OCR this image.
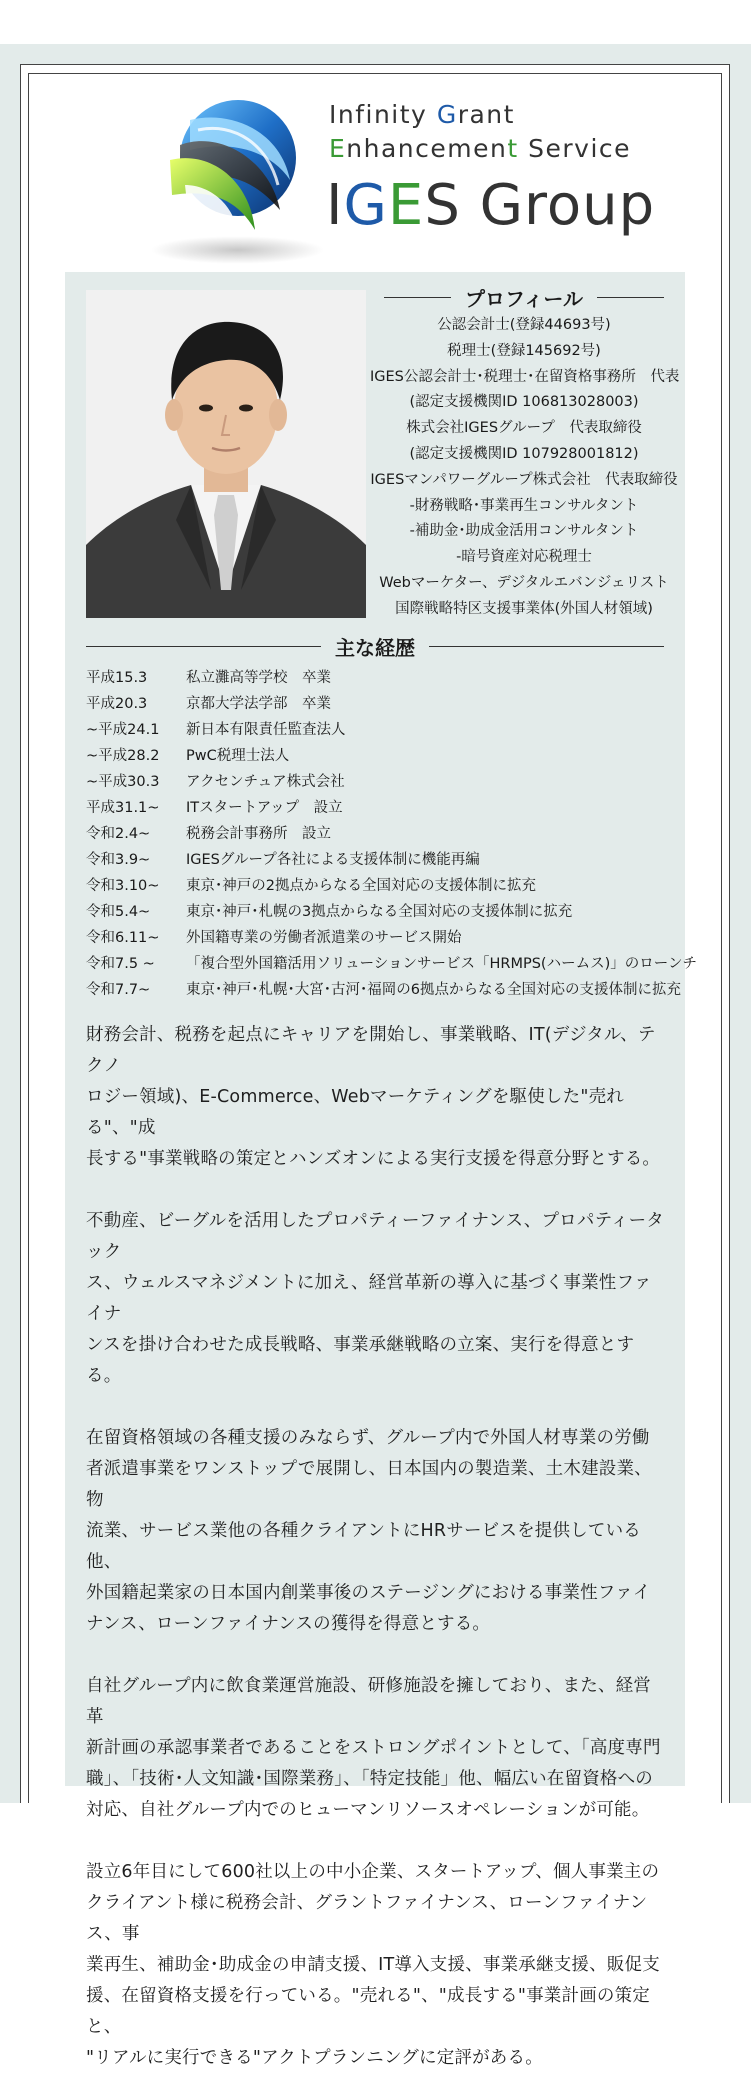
Infinity Grant
Enhancement Service
IGES Group
プロフィール
公認会計士(登録44693号)
税理士(登録145692号)
IGES公認会計士･税理士･在留資格事務所　代表
(認定支援機関ID 106813028003)
株式会社IGESグループ　代表取締役
(認定支援機関ID 107928001812)
IGESマンパワーグループ株式会社　代表取締役
-財務戦略･事業再生コンサルタント
-補助金･助成金活用コンサルタント
-暗号資産対応税理士
Webマーケター、デジタルエバンジェリスト
国際戦略特区支援事業体(外国人材領域)
主な経歴
平成15.3	私立灘高等学校　卒業
平成20.3	京都大学法学部　卒業
~平成24.1	新日本有限責任監査法人
~平成28.2	PwC税理士法人
~平成30.3	アクセンチュア株式会社
平成31.1~	ITスタートアップ　設立
令和2.4~	税務会計事務所　設立
令和3.9~	IGESグループ各社による支援体制に機能再編
令和3.10~	東京･神戸の2拠点からなる全国対応の支援体制に拡充
令和5.4~	東京･神戸･札幌の3拠点からなる全国対応の支援体制に拡充
令和6.11~	外国籍専業の労働者派遣業のサービス開始
令和7.5 ~	「複合型外国籍活用ソリューションサービス「HRMPS(ハームス)」のローンチ
令和7.7~	東京･神戸･札幌･大宮･古河･福岡の6拠点からなる全国対応の支援体制に拡充

財務会計、税務を起点にキャリアを開始し、事業戦略、IT(デジタル、テクノ
ロジー領域)、E-Commerce、Webマーケティングを駆使した"売れる"、"成
長する"事業戦略の策定とハンズオンによる実行支援を得意分野とする。

不動産、ビーグルを活用したプロパティーファイナンス、プロパティータック
ス、ウェルスマネジメントに加え、経営革新の導入に基づく事業性ファイナ
ンスを掛け合わせた成長戦略、事業承継戦略の立案、実行を得意とする。

在留資格領域の各種支援のみならず、グループ内で外国人材専業の労働
者派遣事業をワンストップで展開し、日本国内の製造業、土木建設業、物
流業、サービス業他の各種クライアントにHRサービスを提供している他、
外国籍起業家の日本国内創業事後のステージングにおける事業性ファイ
ナンス、ローンファイナンスの獲得を得意とする。

自社グループ内に飲食業運営施設、研修施設を擁しており、また、経営革
新計画の承認事業者であることをストロングポイントとして、「高度専門
職」、「技術･人文知識･国際業務」、「特定技能」他、幅広い在留資格への
対応、自社グループ内でのヒューマンリソースオペレーションが可能。

設立6年目にして600社以上の中小企業、スタートアップ、個人事業主の
クライアント様に税務会計、グラントファイナンス、ローンファイナンス、事
業再生、補助金･助成金の申請支援、IT導入支援、事業承継支援、販促支
援、在留資格支援を行っている。"売れる"、"成長する"事業計画の策定と、
"リアルに実行できる"アクトプランニングに定評がある。
